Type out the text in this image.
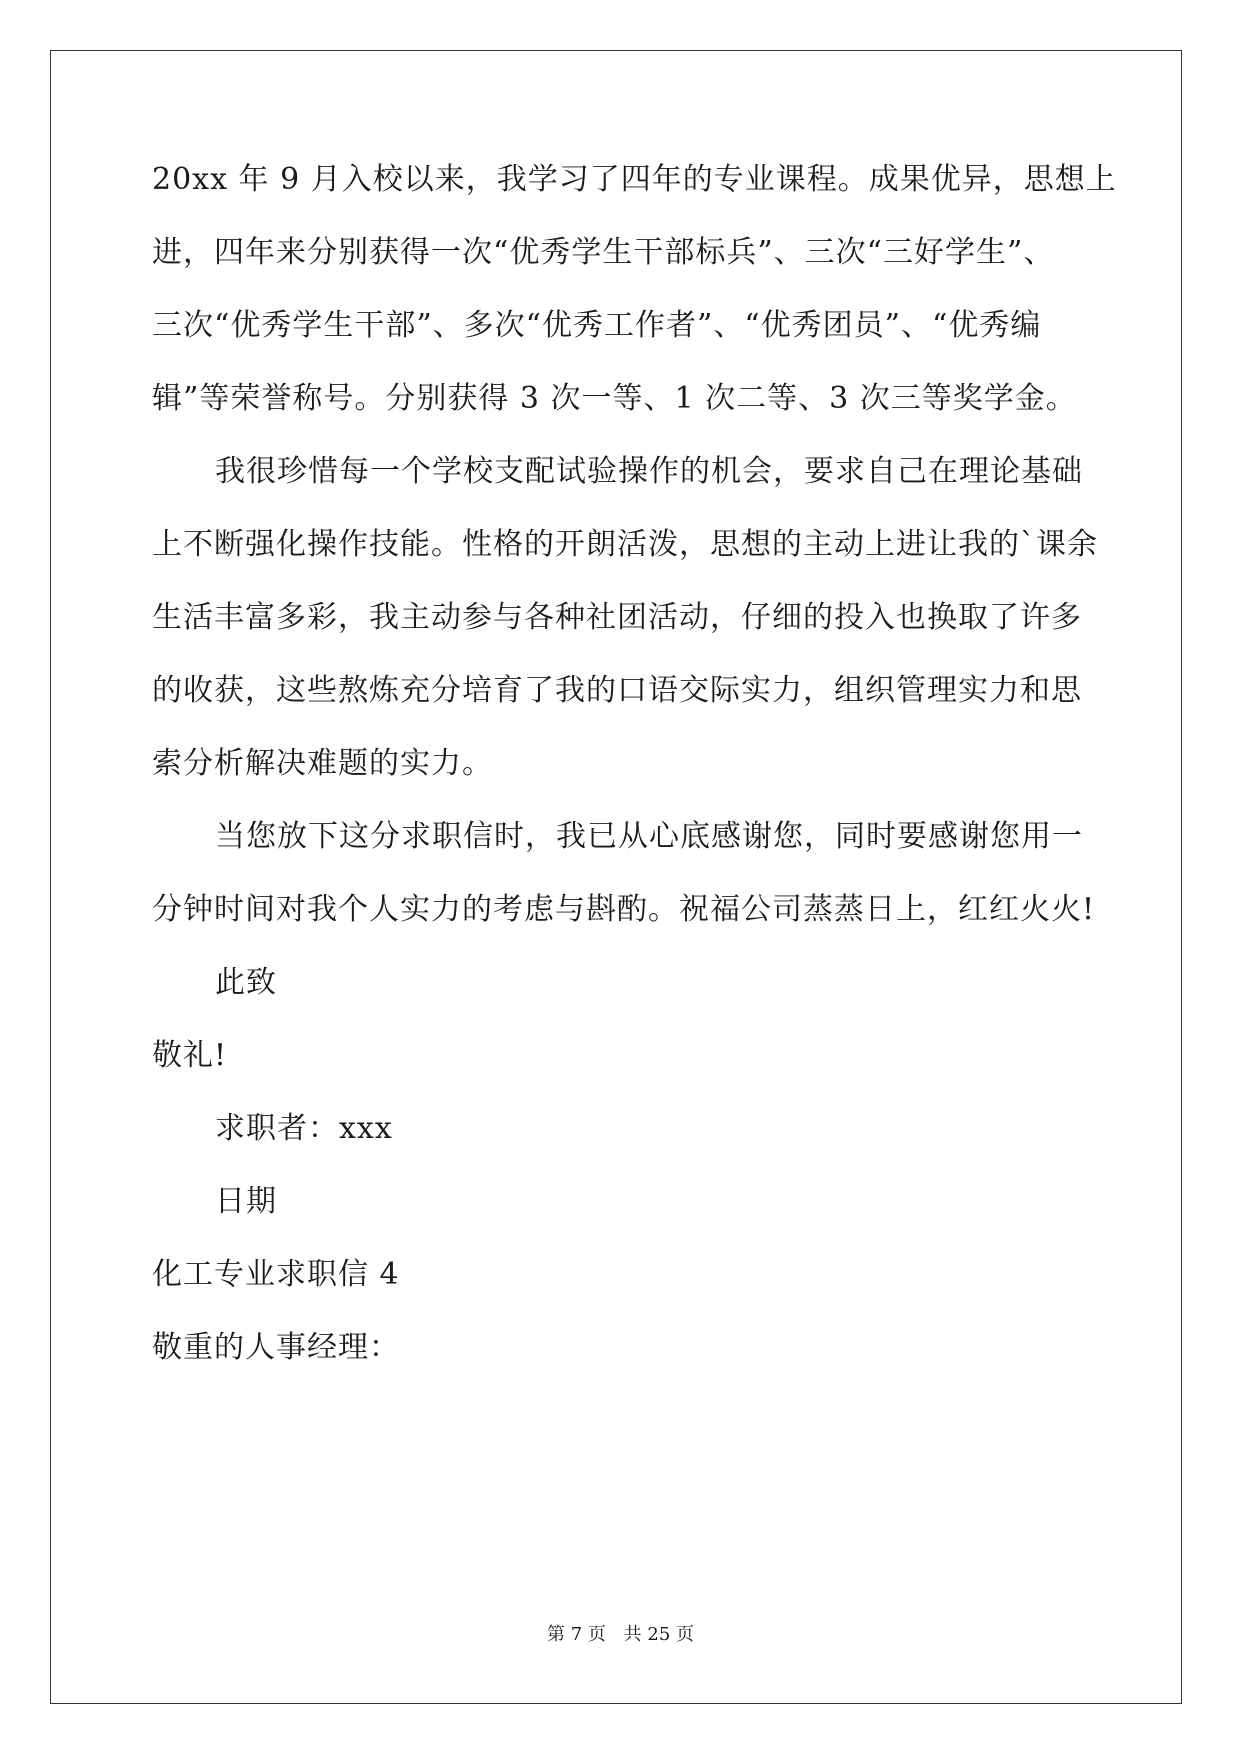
20xx 年 9 月入校以来，我学习了四年的专业课程。成果优异，思想上
进，四年来分别获得一次“优秀学生干部标兵”、三次“三好学生”、
三次“优秀学生干部”、多次“优秀工作者”、“优秀团员”、“优秀编
辑”等荣誉称号。分别获得 3 次一等、1 次二等、3 次三等奖学金。
我很珍惜每一个学校支配试验操作的机会，要求自己在理论基础
上不断强化操作技能。性格的开朗活泼，思想的主动上进让我的`课余
生活丰富多彩，我主动参与各种社团活动，仔细的投入也换取了许多
的收获，这些熬炼充分培育了我的口语交际实力，组织管理实力和思
索分析解决难题的实力。
当您放下这分求职信时，我已从心底感谢您，同时要感谢您用一
分钟时间对我个人实力的考虑与斟酌。祝福公司蒸蒸日上，红红火火!
此致
敬礼!
求职者：xxx
日期
化工专业求职信 4
敬重的人事经理：
第 7 页 共 25 页
